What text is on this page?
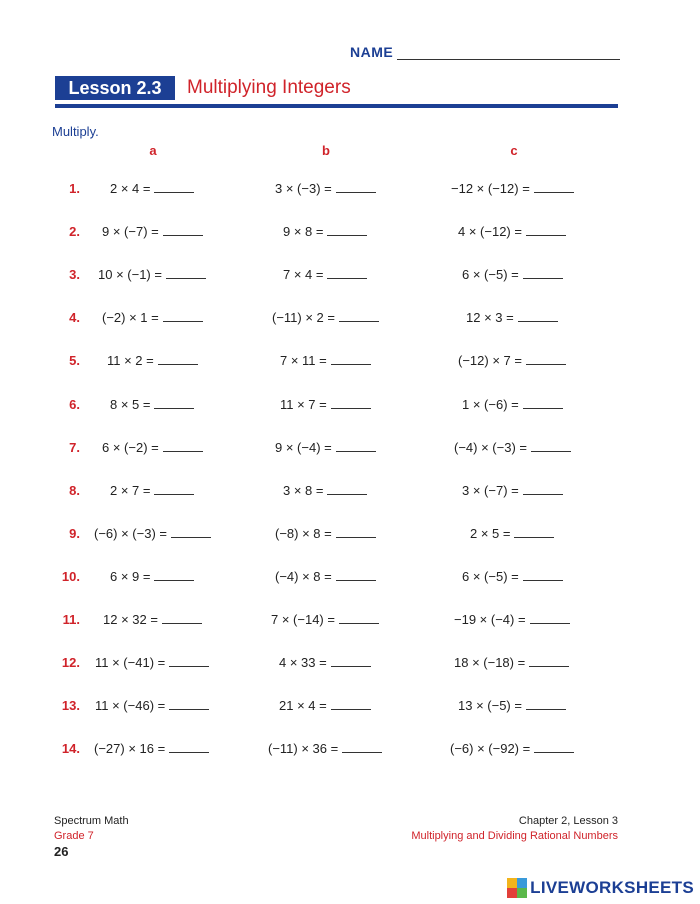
NAME
Lesson 2.3	Multiplying Integers
Multiply.
a	b	c
1. 2 × 4 =	3 × (−3) =	−12 × (−12) =
2. 9 × (−7) =	9 × 8 =	4 × (−12) =
3. 10 × (−1) =	7 × 4 =	6 × (−5) =
4. (−2) × 1 =	(−11) × 2 =	12 × 3 =
5. 11 × 2 =	7 × 11 =	(−12) × 7 =
6. 8 × 5 =	11 × 7 =	1 × (−6) =
7. 6 × (−2) =	9 × (−4) =	(−4) × (−3) =
8. 2 × 7 =	3 × 8 =	3 × (−7) =
9. (−6) × (−3) =	(−8) × 8 =	2 × 5 =
10. 6 × 9 =	(−4) × 8 =	6 × (−5) =
11. 12 × 32 =	7 × (−14) =	−19 × (−4) =
12. 11 × (−41) =	4 × 33 =	18 × (−18) =
13. 11 × (−46) =	21 × 4 =	13 × (−5) =
14. (−27) × 16 =	(−11) × 36 =	(−6) × (−92) =
Spectrum Math
Grade 7
26
Chapter 2, Lesson 3
Multiplying and Dividing Rational Numbers
LIVEWORKSHEETS
